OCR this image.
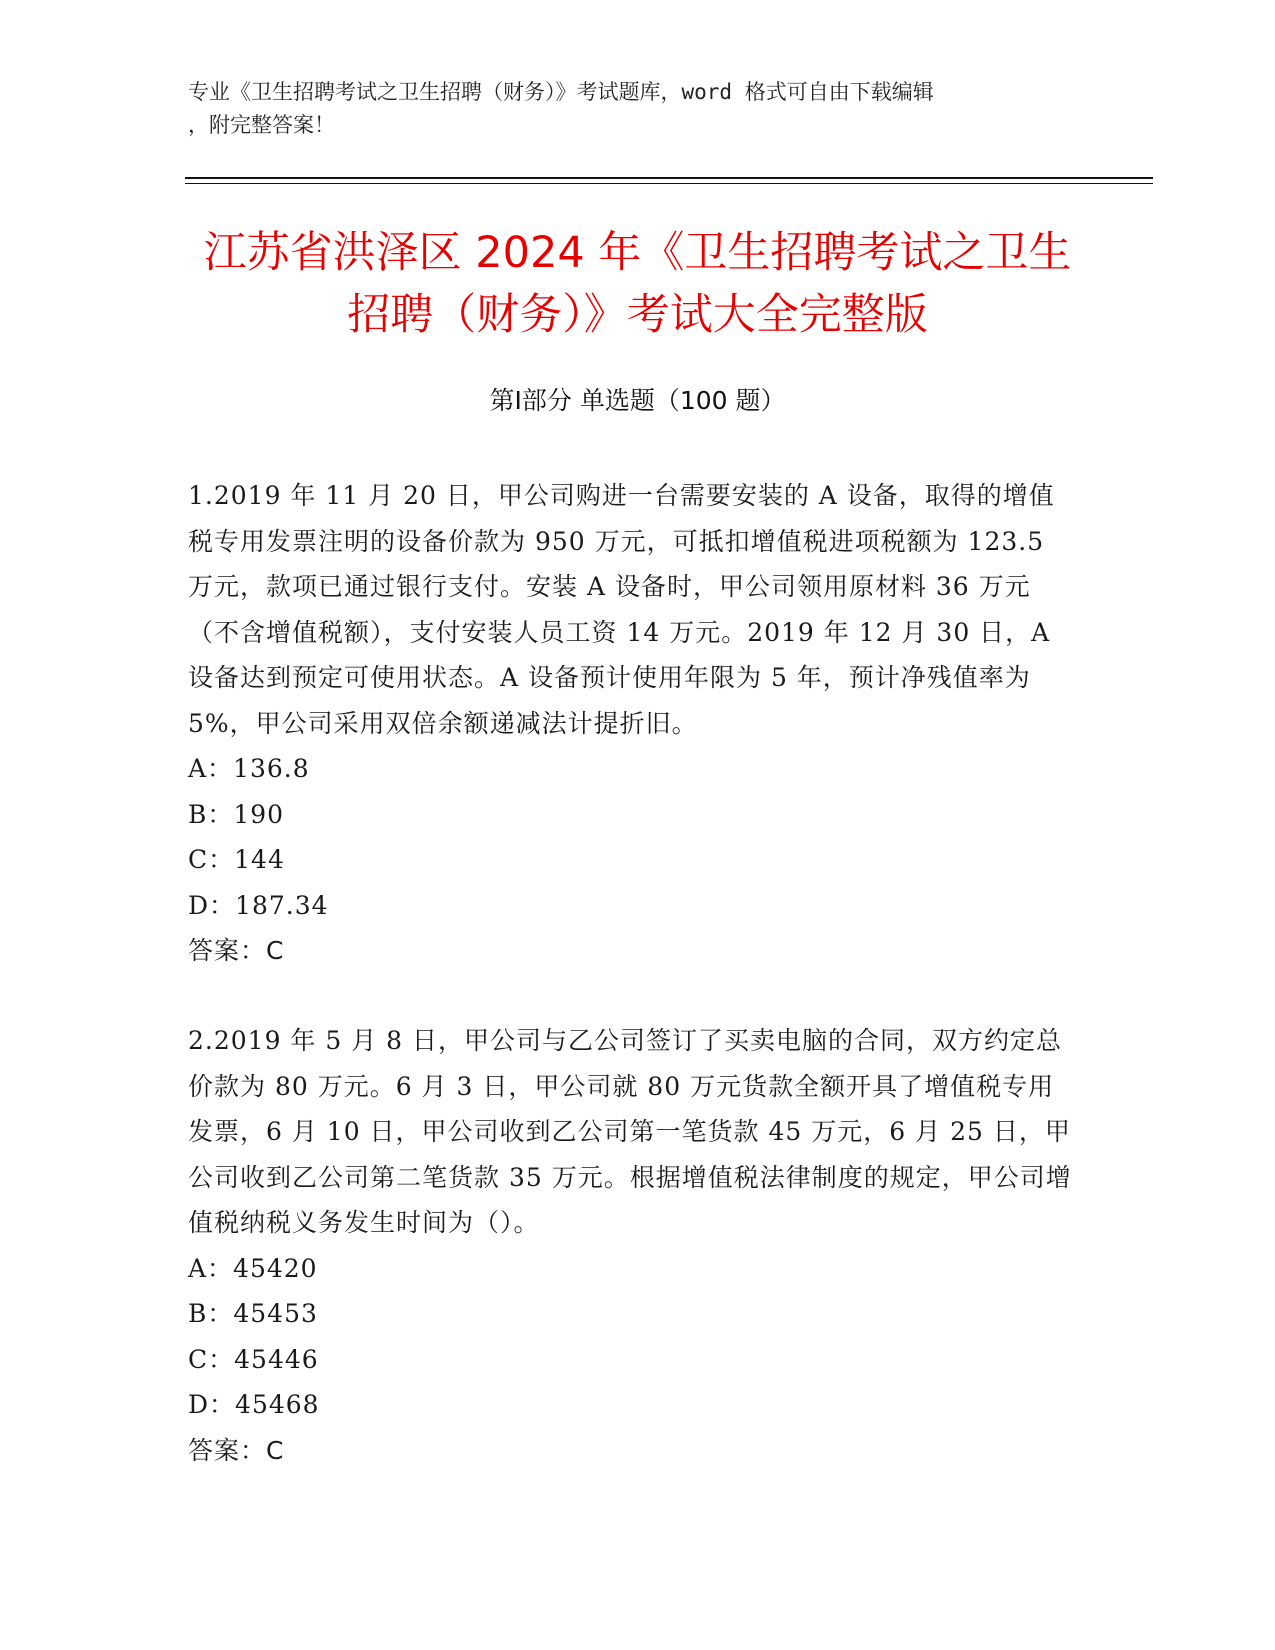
专业《卫生招聘考试之卫生招聘（财务）》考试题库，word 格式可自由下载编辑
，附完整答案！
江苏省洪泽区 2024 年《卫生招聘考试之卫生
招聘（财务）》考试大全完整版
第Ⅰ部分 单选题（100 题）

1.2019 年 11 月 20 日，甲公司购进一台需要安装的 A 设备，取得的增值税专用发票注明的设备价款为 950 万元，可抵扣增值税进项税额为 123.5 万元，款项已通过银行支付。安装 A 设备时，甲公司领用原材料 36 万元（不含增值税额），支付安装人员工资 14 万元。2019 年 12 月 30 日，A 设备达到预定可使用状态。A 设备预计使用年限为 5 年，预计净残值率为 5%，甲公司采用双倍余额递减法计提折旧。

A：136.8

B：190

C：144

D：187.34

答案：C

2.2019 年 5 月 8 日，甲公司与乙公司签订了买卖电脑的合同，双方约定总价款为 80 万元。6 月 3 日，甲公司就 80 万元货款全额开具了增值税专用发票，6 月 10 日，甲公司收到乙公司第一笔货款 45 万元，6 月 25 日，甲公司收到乙公司第二笔货款 35 万元。根据增值税法律制度的规定，甲公司增值税纳税义务发生时间为（）。

A：45420

B：45453

C：45446

D：45468

答案：C
